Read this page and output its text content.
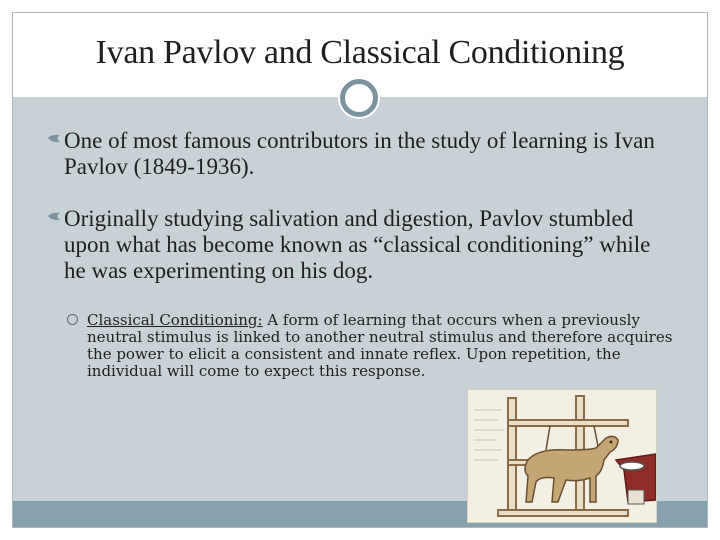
Ivan Pavlov and Classical Conditioning
One of most famous contributors in the study of learning is Ivan Pavlov (1849-1936).
Originally studying salivation and digestion, Pavlov stumbled upon what has become known as “classical conditioning” while he was experimenting on his dog.
Classical Conditioning: A form of learning that occurs when a previously neutral stimulus is linked to another neutral stimulus and therefore acquires the power to elicit a consistent and innate reflex. Upon repetition, the individual will come to expect this response.
